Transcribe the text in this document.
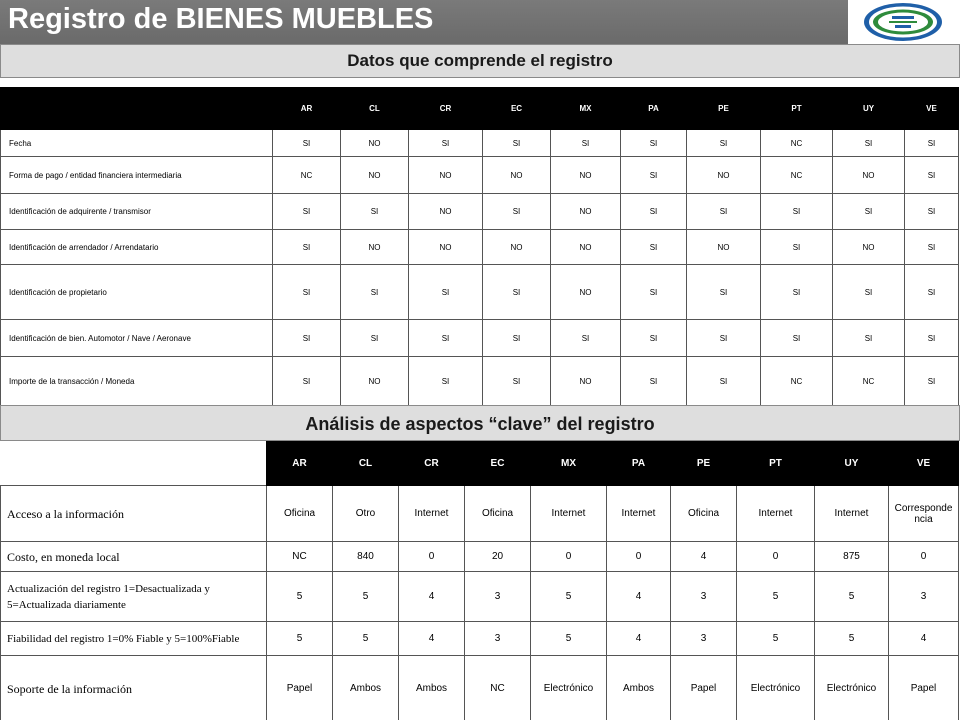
Registro de BIENES MUEBLES
Datos que comprende el registro
	AR	CL	CR	EC	MX	PA	PE	PT	UY	VE
Fecha	SI	NO	SI	SI	SI	SI	SI	NC	SI	SI
Forma de pago / entidad financiera intermediaria	NC	NO	NO	NO	NO	SI	NO	NC	NO	SI
Identificación de adquirente / transmisor	SI	SI	NO	SI	NO	SI	SI	SI	SI	SI
Identificación de arrendador / Arrendatario	SI	NO	NO	NO	NO	SI	NO	SI	NO	SI
Identificación de propietario	SI	SI	SI	SI	NO	SI	SI	SI	SI	SI
Identificación de bien. Automotor / Nave / Aeronave	SI	SI	SI	SI	SI	SI	SI	SI	SI	SI
Importe de la transacción / Moneda	SI	NO	SI	SI	NO	SI	SI	NC	NC	SI
Análisis de aspectos “clave” del registro
	AR	CL	CR	EC	MX	PA	PE	PT	UY	VE
Acceso a la información	Oficina	Otro	Internet	Oficina	Internet	Internet	Oficina	Internet	Internet	Corresponde ncia
Costo, en moneda local	NC	840	0	20	0	0	4	0	875	0
Actualización del registro 1=Desactualizada y 5=Actualizada diariamente	5	5	4	3	5	4	3	5	5	3
Fiabilidad del registro 1=0% Fiable y 5=100%Fiable	5	5	4	3	5	4	3	5	5	4
Soporte de la información	Papel	Ambos	Ambos	NC	Electrónico	Ambos	Papel	Electrónico	Electrónico	Papel
